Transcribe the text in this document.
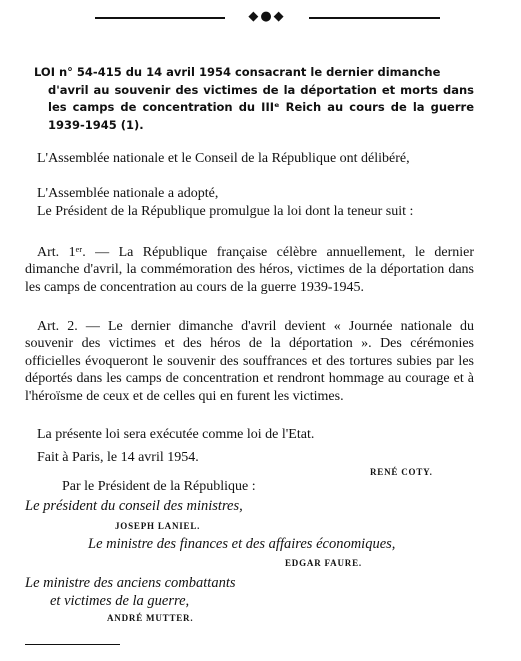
◆●◆
LOI n° 54-415 du 14 avril 1954 consacrant le dernier dimanche
d'avril au souvenir des victimes de la déportation et morts dans les camps de concentration du IIIᵉ Reich au cours de la guerre 1939-1945 (1).

L'Assemblée nationale et le Conseil de la République ont délibéré,

L'Assemblée nationale a adopté,

Le Président de la République promulgue la loi dont la teneur suit :

Art. 1ᵉʳ. — La République française célèbre annuellement, le dernier dimanche d'avril, la commémoration des héros, victimes de la déportation dans les camps de concentration au cours de la guerre 1939-1945.

Art. 2. — Le dernier dimanche d'avril devient « Journée nationale du souvenir des victimes et des héros de la déportation ». Des cérémonies officielles évoqueront le souvenir des souffrances et des tortures subies par les déportés dans les camps de concentration et rendront hommage au courage et à l'héroïsme de ceux et de celles qui en furent les victimes.

La présente loi sera exécutée comme loi de l'Etat.

Fait à Paris, le 14 avril 1954.

RENÉ COTY.
Par le Président de la République :
Le président du conseil des ministres,
JOSEPH LANIEL.
Le ministre des finances et des affaires économiques,
EDGAR FAURE.
Le ministre des anciens combattants
et victimes de la guerre,
ANDRÉ MUTTER.
